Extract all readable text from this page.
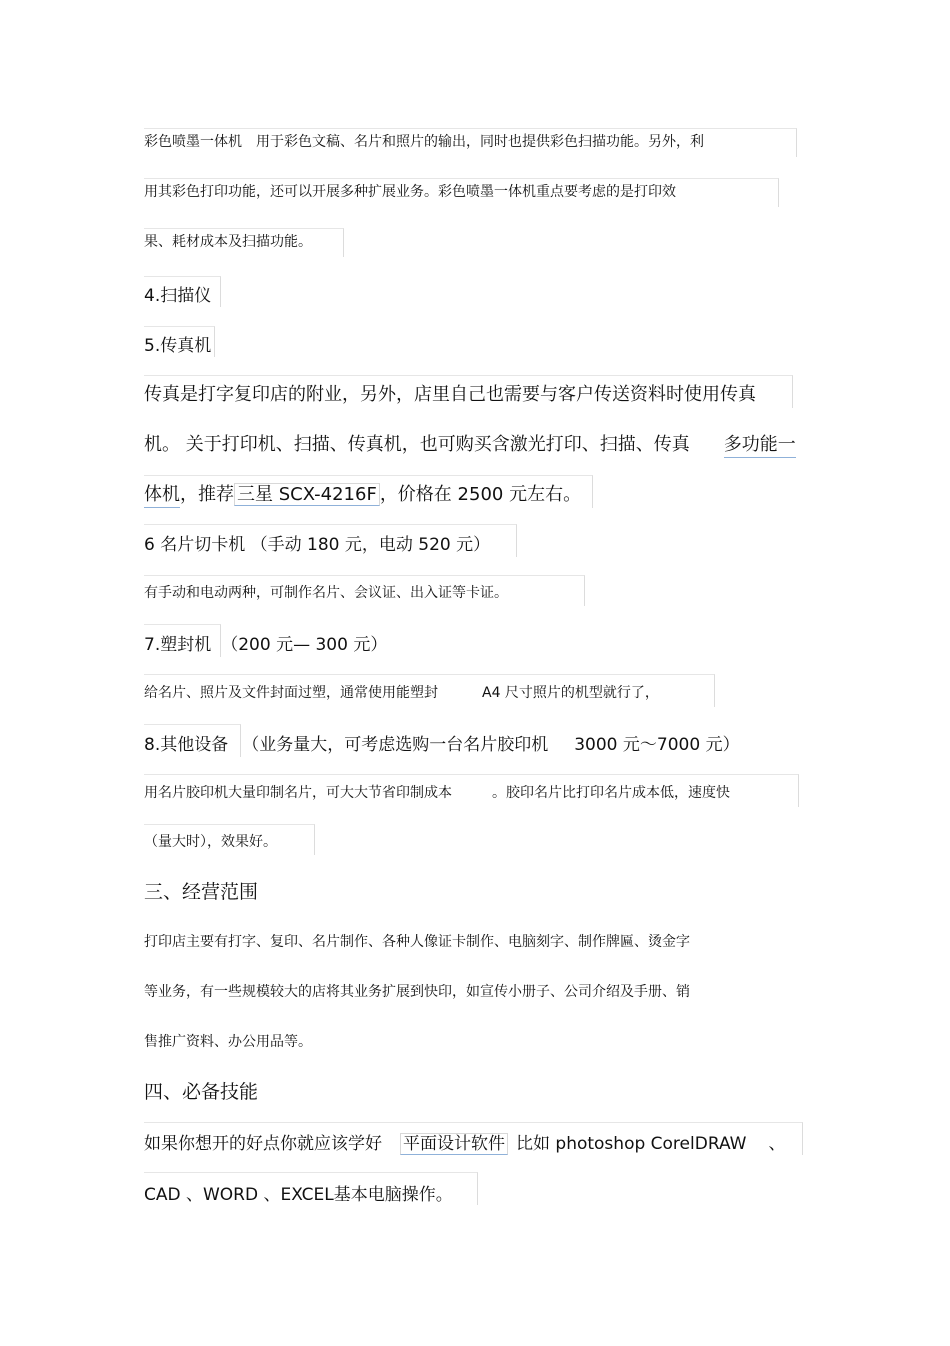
彩色喷墨一体机 用于彩色文稿、名片和照片的输出，同时也提供彩色扫描功能。另外，利
用其彩色打印功能，还可以开展多种扩展业务。彩色喷墨一体机重点要考虑的是打印效
果、耗材成本及扫描功能。
4.扫描仪
5.传真机
传真是打字复印店的附业，另外，店里自己也需要与客户传送资料时使用传真
机。 关于打印机、扫描、传真机，也可购买含激光打印、扫描、传真 多功能一
体机，推荐 三星 SCX-4216F ，价格在 2500 元左右。
6 名片切卡机 （手动 180 元，电动 520 元）
有手动和电动两种，可制作名片、会议证、出入证等卡证。
7.塑封机 （200 元— 300 元）
给名片、照片及文件封面过塑，通常使用能塑封	A4 尺寸照片的机型就行了，
8.其他设备 （业务量大，可考虑选购一台名片胶印机 3000 元～7000 元）
用名片胶印机大量印制名片，可大大节省印制成本	。胶印名片比打印名片成本低，速度快
（量大时），效果好。
三、经营范围
打印店主要有打字、复印、名片制作、各种人像证卡制作、电脑刻字、制作牌匾、烫金字
等业务，有一些规模较大的店将其业务扩展到快印，如宣传小册子、公司介绍及手册、销
售推广资料、办公用品等。
四、必备技能
如果你想开的好点你就应该学好 平面设计软件 比如 photoshop CorelDRAW 、
CAD 、WORD 、EXCEL基本电脑操作。
